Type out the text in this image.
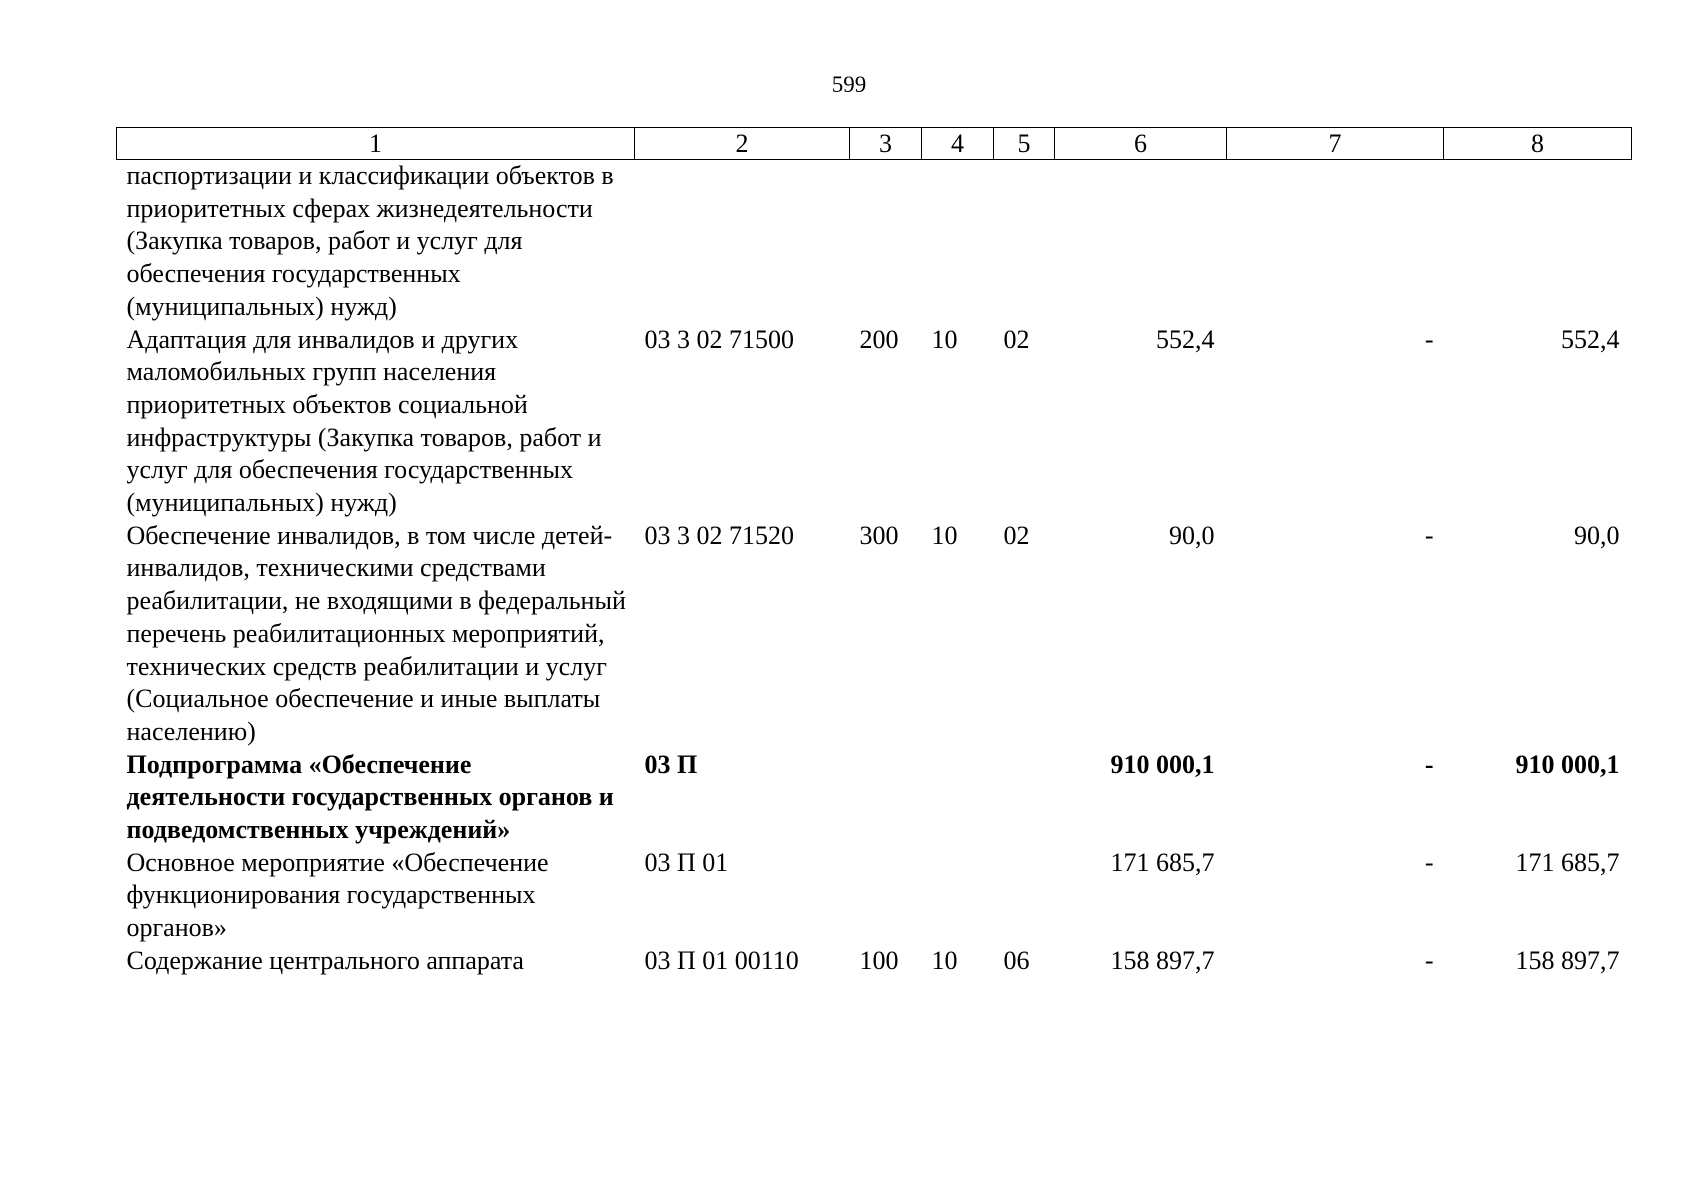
599
1	2	3	4	5	6	7	8
паспортизации и классификации объектов в приоритетных сферах жизнедеятельности (Закупка товаров, работ и услуг для обеспечения государственных (муниципальных) нужд)							
Адаптация для инвалидов и других маломобильных групп населения приоритетных объектов социальной инфраструктуры (Закупка товаров, работ и услуг для обеспечения государственных (муниципальных) нужд)	03 3 02 71500	200	10	02	552,4	-	552,4
Обеспечение инвалидов, в том числе детей-инвалидов, техническими средствами реабилитации, не входящими в федеральный перечень реабилитационных мероприятий, технических средств реабилитации и услуг (Социальное обеспечение и иные выплаты населению)	03 3 02 71520	300	10	02	90,0	-	90,0
Подпрограмма «Обеспечение деятельности государственных органов и подведомственных учреждений»	03 П				910 000,1	-	910 000,1
Основное мероприятие «Обеспечение функционирования государственных органов»	03 П 01				171 685,7	-	171 685,7
Содержание центрального аппарата	03 П 01 00110	100	10	06	158 897,7	-	158 897,7
